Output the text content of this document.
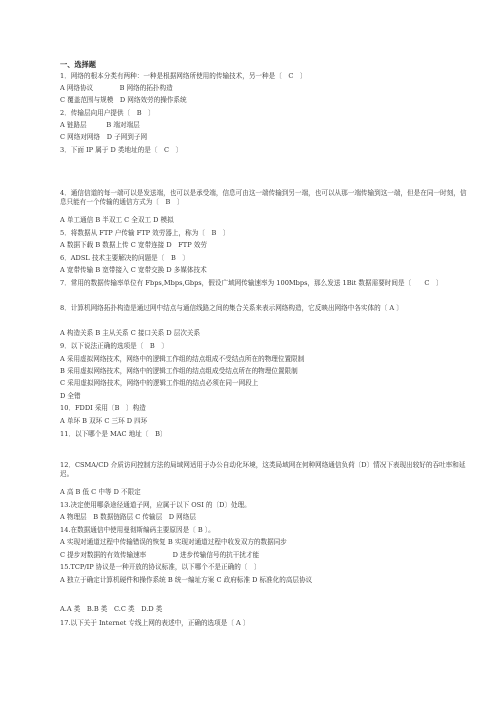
一、选择题
1．网络的根本分类有两种：一种是根据网络所使用的传输技术，另一种是〔　C　〕
A 网络协议　　　　B 网络的拓扑构造
C 覆盖范围与规模　D 网络效劳的操作系统
2．传输层向用户提供〔　B　〕
A 链路层　　　B 端对端层
C 网络对网络　D 子网到子网
3．下面 IP 属于 D 类地址的是〔　C　〕
4．通信信道的每一端可以是发送端，也可以是承受端，信息可由这一端传输到另一端，也可以从那一端传输到这一端，但是在同一时刻，信息只能有一个传输的通信方式为〔　B　〕
A 单工通信 B 半双工 C 全双工 D 模拟
5．将数据从 FTP 户传输 FTP 效劳器上，称为〔　B　〕
A 数据下载 B 数据上传 C 宽带连接 D　FTP 效劳
6．ADSL 技术主要解决的问题是〔　B　〕
A 宽带传输 B 宽带接入 C 宽带交换 D 多媒体技术
7．常用的数据传输率单位有 Fbps,Mbps,Gbps，假设广域网传输速率为 100Mbps，那么发送 1Bit 数据需要时间是〔　　C　〕
8．计算机网络拓扑构造是通过网中结点与通信线路之间的集合关系来表示网络构造，它反映出网络中各实体的〔 A 〕
A 构造关系 B 主从关系 C 接口关系 D 层次关系
9．以下说法正确的选项是〔　B　〕
A 采用虚拟网络技术，网络中的逻辑工作组的结点组成不受结点所在的物理位置限制
B 采用虚拟网络技术，网络中的逻辑工作组的结点组成受结点所在的物理位置限制
C 采用虚拟网络技术，网络中的逻辑工作组的结点必须在同一网段上
D 全错
10．FDDI 采用〔B　〕构造
A 单环 B 双环 C 三环 D 四环
11．以下哪个是 MAC 地址〔　B〕
12．CSMA/CD 介质访问控制方法的局域网适用于办公自动化环境，这类局域网在何种网络通信负荷〔D〕情况下表现出较好的吞吐率和延迟。
A 高 B 低 C 中等 D 不限定
13.决定使用哪条途径通道子网，应属于以下 OSI 的〔D〕处理。
A 物理层　B 数据链路层 C 传输层　D 网络层
14.在数据通信中使用曼彻斯编码主要原因是〔 B 〕。
A 实现对通道过程中传输错误的恢复 B 实现对通道过程中收发双方的数据同步
C 提步对数据的有效传输速率　　　　D 进步传输信号的抗干扰才能
15.TCP/IP 协议是一种开放的协议标准，以下哪个不是正确的〔　〕
A 独立于确定计算机硬件和操作系统 B 统一编址方案 C 政府标准 D 标准化的高层协议
A.A 类　B.B 类　C.C 类　D.D 类
17.以下关于 Internet 专线上网的表述中，正确的选项是〔 A 〕
